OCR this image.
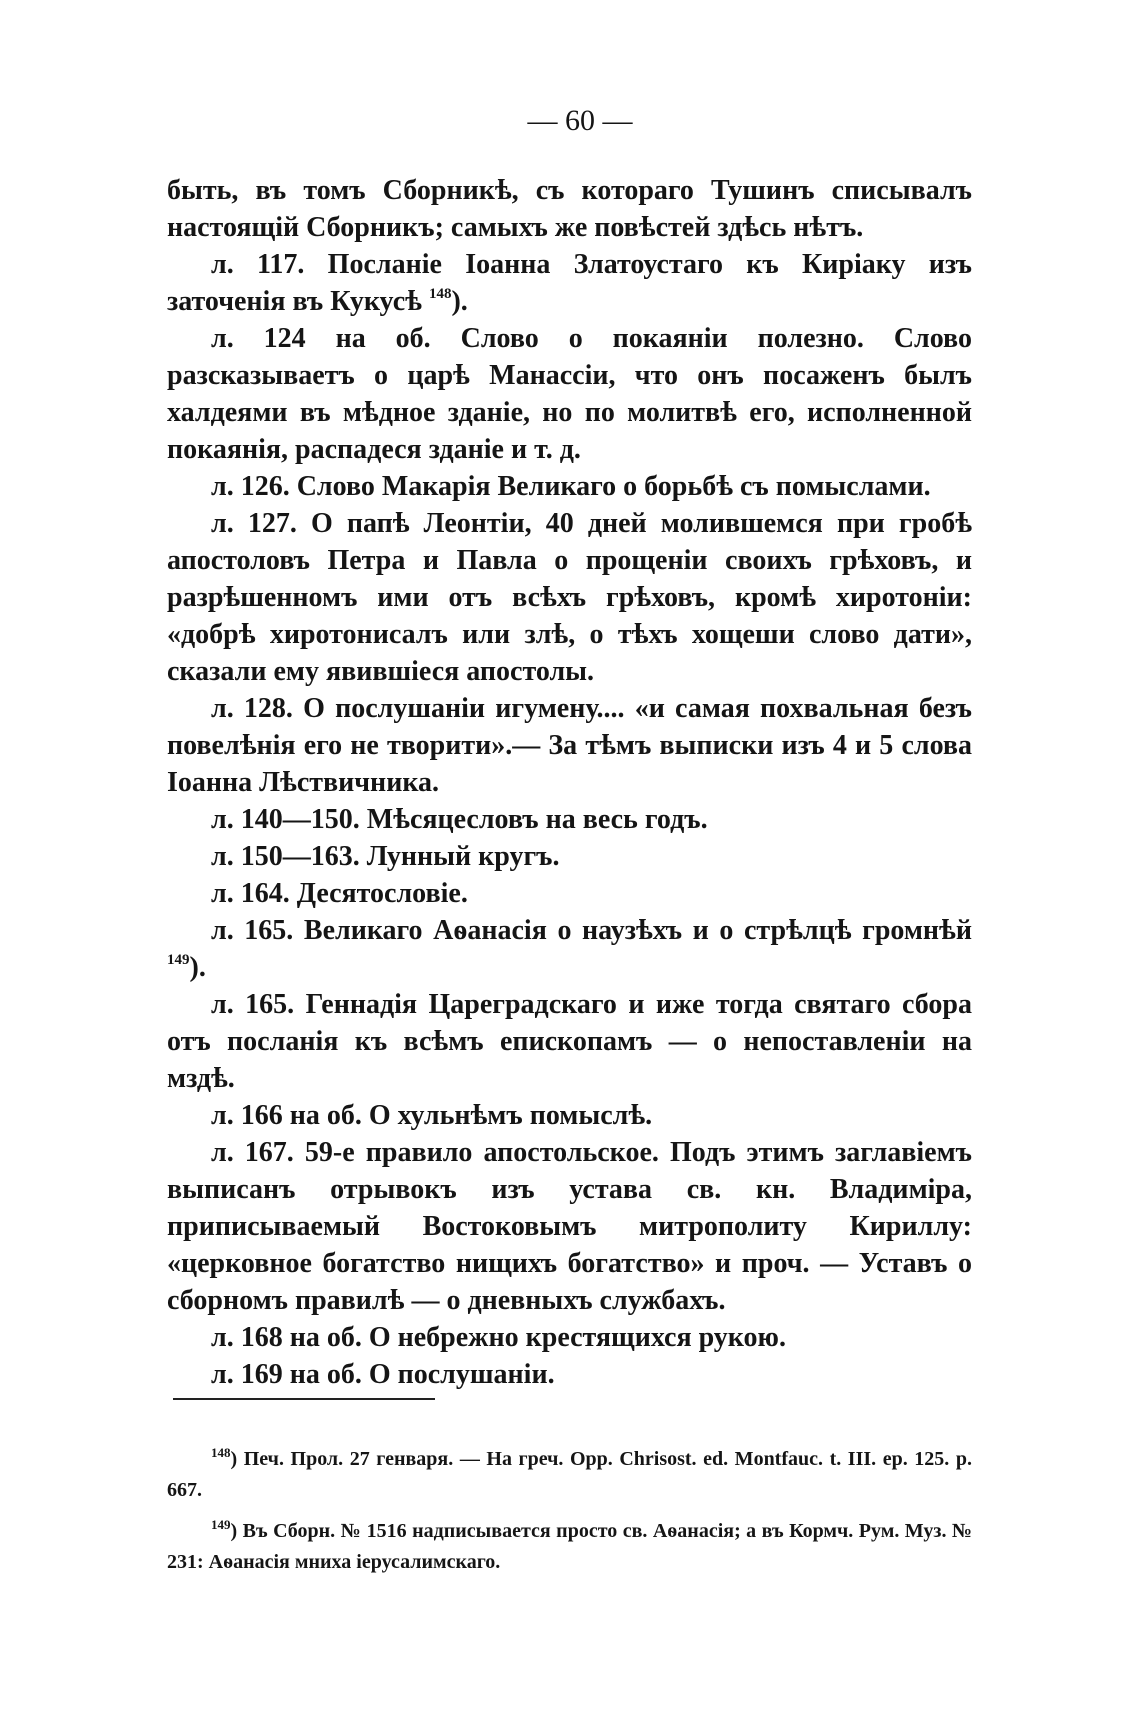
— 60 —

быть, въ томъ Сборникѣ, съ котораго Тушинъ списывалъ настоящій Сборникъ; самыхъ же повѣстей здѣсь нѣтъ.

л. 117. Посланіе Іоанна Златоустаго къ Киріаку изъ заточенія въ Кукусѣ $^{148}$).

л. 124 на об. Слово о покаяніи полезно. Слово разсказываетъ о царѣ Манассіи, что онъ посаженъ былъ халдеями въ мѣдное зданіе, но по молитвѣ его, исполненной покаянія, распадеся зданіе и т. д.

л. 126. Слово Макарія Великаго о борьбѣ съ помыслами.

л. 127. О папѣ Леонтіи, 40 дней молившемся при гробѣ апостоловъ Петра и Павла о прощеніи своихъ грѣховъ, и разрѣшенномъ ими отъ всѣхъ грѣховъ, кромѣ хиротоніи: «добрѣ хиротонисалъ или злѣ, о тѣхъ хощеши слово дати», сказали ему явившіеся апостолы.

л. 128. О послушаніи игумену.... «и самая похвальная безъ повелѣнія его не творити».— За тѣмъ выписки изъ 4 и 5 слова Іоанна Лѣствичника.

л. 140—150. Мѣсяцесловъ на весь годъ.

л. 150—163. Лунный кругъ.

л. 164. Десятословіе.

л. 165. Великаго Аѳанасія о наузѣхъ и о стрѣлцѣ громнѣй $^{149}$).

л. 165. Геннадія Цареградскаго и иже тогда святаго сбора отъ посланія къ всѣмъ епископамъ — о непоставленіи на мздѣ.

л. 166 на об. О хульнѣмъ помыслѣ.

л. 167. 59-е правило апостольское. Подъ этимъ заглавіемъ выписанъ отрывокъ изъ устава св. кн. Владиміра, приписываемый Востоковымъ митрополиту Кириллу: «церковное богатство нищихъ богатство» и проч. — Уставъ о сборномъ правилѣ — о дневныхъ службахъ.

л. 168 на об. О небрежно крестящихся рукою.

л. 169 на об. О послушаніи.

$^{148}$) Печ. Прол. 27 генваря. — На греч. Opp. Chrisost. ed. Montfauc. t. III. ep. 125. p. 667.

$^{149}$) Въ Сборн. № 1516 надписывается просто св. Аѳанасія; а въ Кормч. Рум. Муз. № 231: Аѳанасія мниха іерусалимскаго.
